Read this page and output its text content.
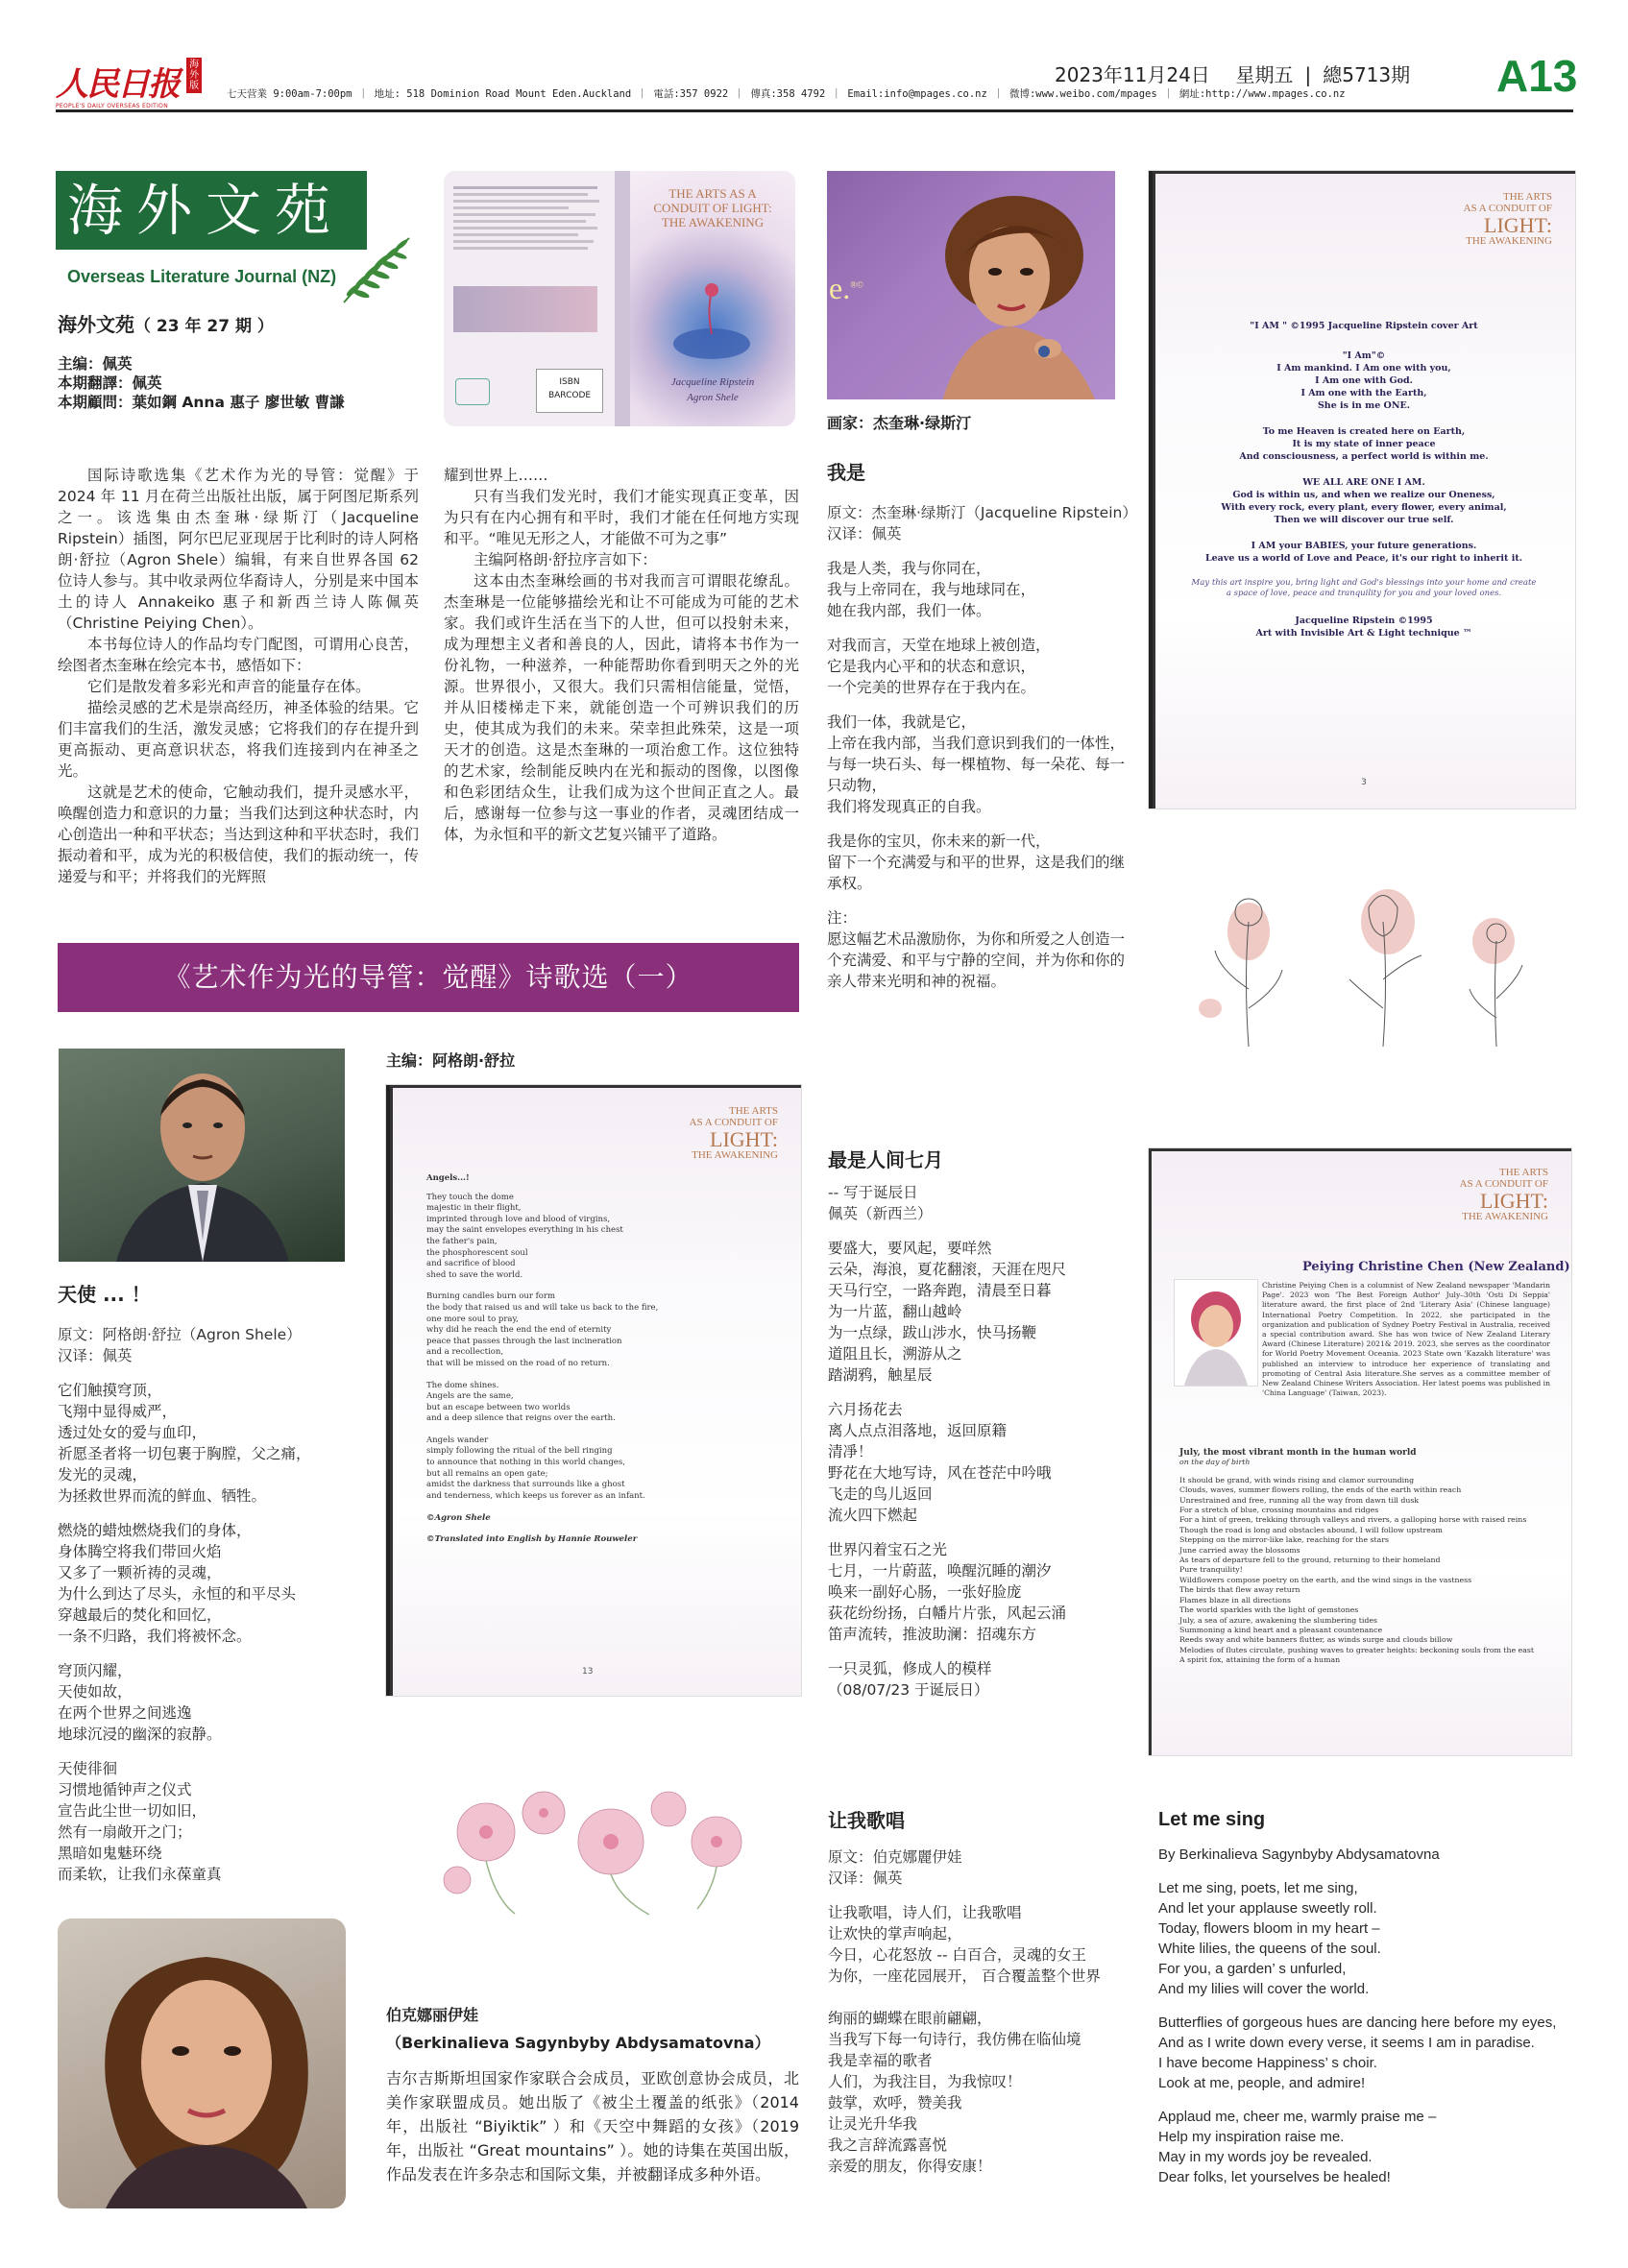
人民日报 海外版
PEOPLE'S DAILY OVERSEAS EDITION
七天营業 9:00am-7:00pm ｜ 地址: 518 Dominion Road Mount Eden.Auckland ｜ 電話:357 0922 ｜ 傳真:358 4792 ｜ Email:info@mpages.co.nz ｜ 微博:www.weibo.com/mpages ｜ 網址:http://www.mpages.co.nz
2023年11月24日 星期五 | 總5713期 A13
海外文苑
Overseas Literature Journal (NZ)
海外文苑（ 23 年 27 期 ）
主编：佩英
本期翻譯：佩英
本期顧問：葉如鋼 Anna 惠子 廖世敏 曹謙
ISBN
BARCODE
THE ARTS AS A CONDUIT OF LIGHT: THE AWAKENING
Jacqueline Ripstein
Agron Shele
e.®©
画家：杰奎琳·绿斯汀

国际诗歌选集《艺术作为光的导管：觉醒》于 2024 年 11 月在荷兰出版社出版，属于阿图尼斯系列之一。该选集由杰奎琳·绿斯汀（Jacqueline Ripstein）插图，阿尔巴尼亚现居于比利时的诗人阿格朗·舒拉（Agron Shele）编辑，有来自世界各国 62 位诗人参与。其中收录两位华裔诗人，分别是来中国本土的诗人 Annakeiko 惠子和新西兰诗人陈佩英（Christine Peiying Chen）。

本书每位诗人的作品均专门配图，可谓用心良苦，绘图者杰奎琳在绘完本书，感悟如下：

它们是散发着多彩光和声音的能量存在体。

描绘灵感的艺术是崇高经历，神圣体验的结果。它们丰富我们的生活，激发灵感；它将我们的存在提升到更高振动、更高意识状态，将我们连接到内在神圣之光。

这就是艺术的使命，它触动我们，提升灵感水平，唤醒创造力和意识的力量；当我们达到这种状态时，内心创造出一种和平状态；当达到这种和平状态时，我们振动着和平，成为光的积极信使，我们的振动统一，传递爱与和平；并将我们的光辉照

耀到世界上……

只有当我们发光时，我们才能实现真正变革，因为只有在内心拥有和平时，我们才能在任何地方实现和平。“唯见无形之人，才能做不可为之事”

主编阿格朗·舒拉序言如下：

这本由杰奎琳绘画的书对我而言可谓眼花缭乱。杰奎琳是一位能够描绘光和让不可能成为可能的艺术家。我们或许生活在当下的人世，但可以投射未来，成为理想主义者和善良的人，因此，请将本书作为一份礼物，一种滋养，一种能帮助你看到明天之外的光源。世界很小，又很大。我们只需相信能量，觉悟，并从旧楼梯走下来，就能创造一个可辨识我们的历史，使其成为我们的未来。荣幸担此殊荣，这是一项天才的创造。这是杰奎琳的一项治愈工作。这位独特的艺术家，绘制能反映内在光和振动的图像，以图像和色彩团结众生，让我们成为这个世间正直之人。最后，感谢每一位参与这一事业的作者，灵魂团结成一体，为永恒和平的新文艺复兴铺平了道路。

我是
原文：杰奎琳·绿斯汀（Jacqueline Ripstein）
汉译：佩英
我是人类，我与你同在，
我与上帝同在，我与地球同在，
她在我内部，我们一体。
对我而言，天堂在地球上被创造，
它是我内心平和的状态和意识，
一个完美的世界存在于我内在。
我们一体，我就是它，
上帝在我内部，当我们意识到我们的一体性，
与每一块石头、每一棵植物、每一朵花、每一只动物，
我们将发现真正的自我。
我是你的宝贝，你未来的新一代，
留下一个充满爱与和平的世界，这是我们的继承权。
注：
愿这幅艺术品激励你，为你和所爱之人创造一个充满爱、和平与宁静的空间，并为你和你的亲人带来光明和神的祝福。
THE ARTS
AS A CONDUIT OF
LIGHT:
THE AWAKENING
"I AM " ©1995 Jacqueline Ripstein cover Art
"I Am"©
I Am mankind. I Am one with you,
I Am one with God.
I Am one with the Earth,
She is in me ONE.
To me Heaven is created here on Earth,
It is my state of inner peace
And consciousness, a perfect world is within me.
WE ALL ARE ONE I AM.
God is within us, and when we realize our Oneness,
With every rock, every plant, every flower, every animal,
Then we will discover our true self.
I AM your BABIES, your future generations.
Leave us a world of Love and Peace, it's our right to inherit it.
May this art inspire you, bring light and God's blessings into your home and create a space of love, peace and tranquility for you and your loved ones.
Jacqueline Ripstein ©1995
Art with Invisible Art & Light technique ™
3
《艺术作为光的导管：觉醒》诗歌选（一）
天使 ... ！
原文：阿格朗·舒拉（Agron Shele）
汉译：佩英
它们触摸穹顶，
飞翔中显得威严，
透过处女的爱与血印，
祈愿圣者将一切包裹于胸膛，父之痛，
发光的灵魂，
为拯救世界而流的鲜血、牺牲。
燃烧的蜡烛燃烧我们的身体，
身体腾空将我们带回火焰
又多了一颗祈祷的灵魂，
为什么到达了尽头，永恒的和平尽头
穿越最后的焚化和回忆，
一条不归路，我们将被怀念。
穹顶闪耀，
天使如故，
在两个世界之间逃逸
地球沉浸的幽深的寂静。
天使徘徊
习惯地循钟声之仪式
宣告此尘世一切如旧，
然有一扇敞开之门；
黑暗如鬼魅环绕
而柔软，让我们永葆童真
主编：阿格朗·舒拉
THE ARTS
AS A CONDUIT OF
LIGHT:
THE AWAKENING
Angels...!
They touch the dome
majestic in their flight,
imprinted through love and blood of virgins,
may the saint envelopes everything in his chest
the father's pain,
the phosphorescent soul
and sacrifice of blood
shed to save the world.
Burning candles burn our form
the body that raised us and will take us back to the fire,
one more soul to pray,
why did he reach the end the end of eternity
peace that passes through the last incineration
and a recollection,
that will be missed on the road of no return.
The dome shines.
Angels are the same,
but an escape between two worlds
and a deep silence that reigns over the earth.
Angels wander
simply following the ritual of the bell ringing
to announce that nothing in this world changes,
but all remains an open gate;
amidst the darkness that surrounds like a ghost
and tenderness, which keeps us forever as an infant.
©Agron Shele
©Translated into English by Hannie Rouweler
13
伯克娜丽伊娃
（Berkinalieva Sagynbyby Abdysamatovna）

吉尔吉斯斯坦国家作家联合会成员，亚欧创意协会成员，北美作家联盟成员。她出版了《被尘土覆盖的纸张》（2014 年，出版社 “Biyiktik” ）和《天空中舞蹈的女孩》（2019 年，出版社 “Great mountains” ）。她的诗集在英国出版，作品发表在许多杂志和国际文集，并被翻译成多种外语。

最是人间七月
-- 写于诞辰日
佩英（新西兰）
要盛大，要风起，要咩然
云朵，海浪，夏花翻滚，天涯在咫尺
天马行空，一路奔跑，清晨至日暮
为一片蓝，翻山越岭
为一点绿，跋山涉水，快马扬鞭
道阻且长，溯游从之
踏湖鸦，触星辰
六月扬花去
离人点点泪落地，返回原籍
清凈！
野花在大地写诗，风在苍茫中吟哦
飞走的鸟儿返回
流火四下燃起
世界闪着宝石之光
七月，一片蔚蓝，唤醒沉睡的潮汐
唤来一副好心肠，一张好脸庞
荻花纷纷扬，白幡片片张，风起云涌
笛声流转，推波助澜：招魂东方
一只灵狐，修成人的模样
（08/07/23 于诞辰日）
THE ARTS
AS A CONDUIT OF
LIGHT:
THE AWAKENING
Peiying Christine Chen (New Zealand)
Christine Peiying Chen is a columnist of New Zealand newspaper 'Mandarin Page'. 2023 won 'The Best Foreign Author' July–30th 'Osti Di Seppia' literature award, the first place of 2nd 'Literary Asia' (Chinese language) International Poetry Competition. In 2022, she participated in the organization and publication of Sydney Poetry Festival in Australia, received a special contribution award. She has won twice of New Zealand Literary Award (Chinese Literature) 2021& 2019. 2023, she serves as the coordinator for World Poetry Movement Oceania. 2023 State own 'Kazakh literature' was published an interview to introduce her experience of translating and promoting of Central Asia literature.She serves as a committee member of New Zealand Chinese Writers Association. Her latest poems was published in 'China Language' (Taiwan, 2023).
July, the most vibrant month in the human world
on the day of birth
It should be grand, with winds rising and clamor surrounding
Clouds, waves, summer flowers rolling, the ends of the earth within reach
Unrestrained and free, running all the way from dawn till dusk
For a stretch of blue, crossing mountains and ridges
For a hint of green, trekking through valleys and rivers, a galloping horse with raised reins
Though the road is long and obstacles abound, I will follow upstream
Stepping on the mirror-like lake, reaching for the stars
June carried away the blossoms
As tears of departure fell to the ground, returning to their homeland
Pure tranquility!
Wildflowers compose poetry on the earth, and the wind sings in the vastness
The birds that flew away return
Flames blaze in all directions
The world sparkles with the light of gemstones
July, a sea of azure, awakening the slumbering tides
Summoning a kind heart and a pleasant countenance
Reeds sway and white banners flutter, as winds surge and clouds billow
Melodies of flutes circulate, pushing waves to greater heights: beckoning souls from the east
A spirit fox, attaining the form of a human
让我歌唱
原文：伯克娜麗伊娃
汉译：佩英
让我歌唱，诗人们，让我歌唱
让欢快的掌声响起，
今日，心花怒放 -- 白百合，灵魂的女王
为你，一座花园展开， 百合覆盖整个世界
绚丽的蝴蝶在眼前翩翩，
当我写下每一句诗行，我仿佛在临仙境
我是幸福的歌者
人们，为我注目，为我惊叹！
鼓掌，欢呼，赞美我
让灵光升华我
我之言辞流露喜悦
亲爱的朋友，你得安康！
Let me sing
By Berkinalieva Sagynbyby Abdysamatovna
Let me sing, poets, let me sing,
And let your applause sweetly roll.
Today, flowers bloom in my heart –
White lilies, the queens of the soul.
For you, a garden’ s unfurled,
And my lilies will cover the world.
Butterflies of gorgeous hues are dancing here before my eyes,
And as I write down every verse, it seems I am in paradise.
I have become Happiness’ s choir.
Look at me, people, and admire!
Applaud me, cheer me, warmly praise me –
Help my inspiration raise me.
May in my words joy be revealed.
Dear folks, let yourselves be healed!
